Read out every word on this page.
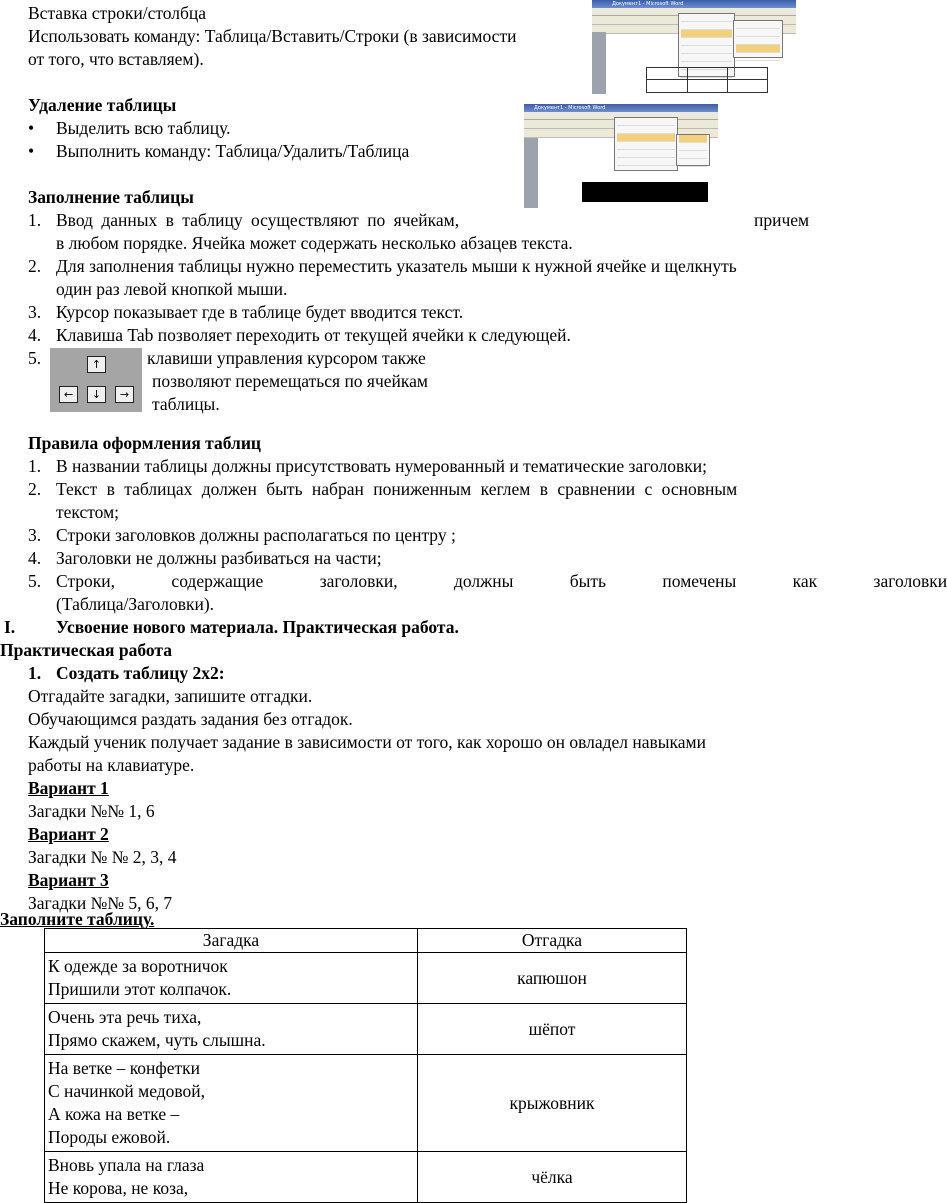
Вставка строки/столбца
Использовать команду: Таблица/Вставить/Строки (в зависимости
от того, что вставляем).
Документ1 - Microsoft Word
Удаление таблицы
• Выделить всю таблицу.
• Выполнить команду: Таблица/Удалить/Таблица
Документ1 - Microsoft Word
Заполнение таблицы
1. Ввод данных в таблицу осуществляют по ячейкам,	причем
в любом порядке. Ячейка может содержать несколько абзацев текста.
2. Для заполнения таблицы нужно переместить указатель мыши к нужной ячейке и щелкнуть
один раз левой кнопкой мыши.
3. Курсор показывает где в таблице будет вводится текст.
4. Клавиша Tab позволяет переходить от текущей ячейки к следующей.
5.	↑
←	↓	→
клавиши управления курсором также
позволяют перемещаться по ячейкам
таблицы.
Правила оформления таблиц
1. В названии таблицы должны присутствовать нумерованный и тематические заголовки;
2. Текст в таблицах должен быть набран пониженным кеглем в сравнении с основным
текстом;
3. Строки заголовков должны располагаться по центру ;
4. Заголовки не должны разбиваться на части;
5. Строки, содержащие заголовки, должны быть помечены как заголовки
(Таблица/Заголовки).
I. Усвоение нового материала. Практическая работа.
Практическая работа
1. Создать таблицу 2х2:
Отгадайте загадки, запишите отгадки.
Обучающимся раздать задания без отгадок.
Каждый ученик получает задание в зависимости от того, как хорошо он овладел навыками
работы на клавиатуре.
Вариант 1
Загадки №№ 1, 6
Вариант 2
Загадки № № 2, 3, 4
Вариант 3
Загадки №№ 5, 6, 7
Заполните таблицу.
Загадка	Отгадка

К одежде за воротничок
Пришили этот колпачок.	капюшон

Очень эта речь тиха,
Прямо скажем, чуть слышна.	шёпот

На ветке – конфетки
С начинкой медовой,
А кожа на ветке –
Породы ежовой.	крыжовник

Вновь упала на глаза
Не корова, не коза,	чёлка
